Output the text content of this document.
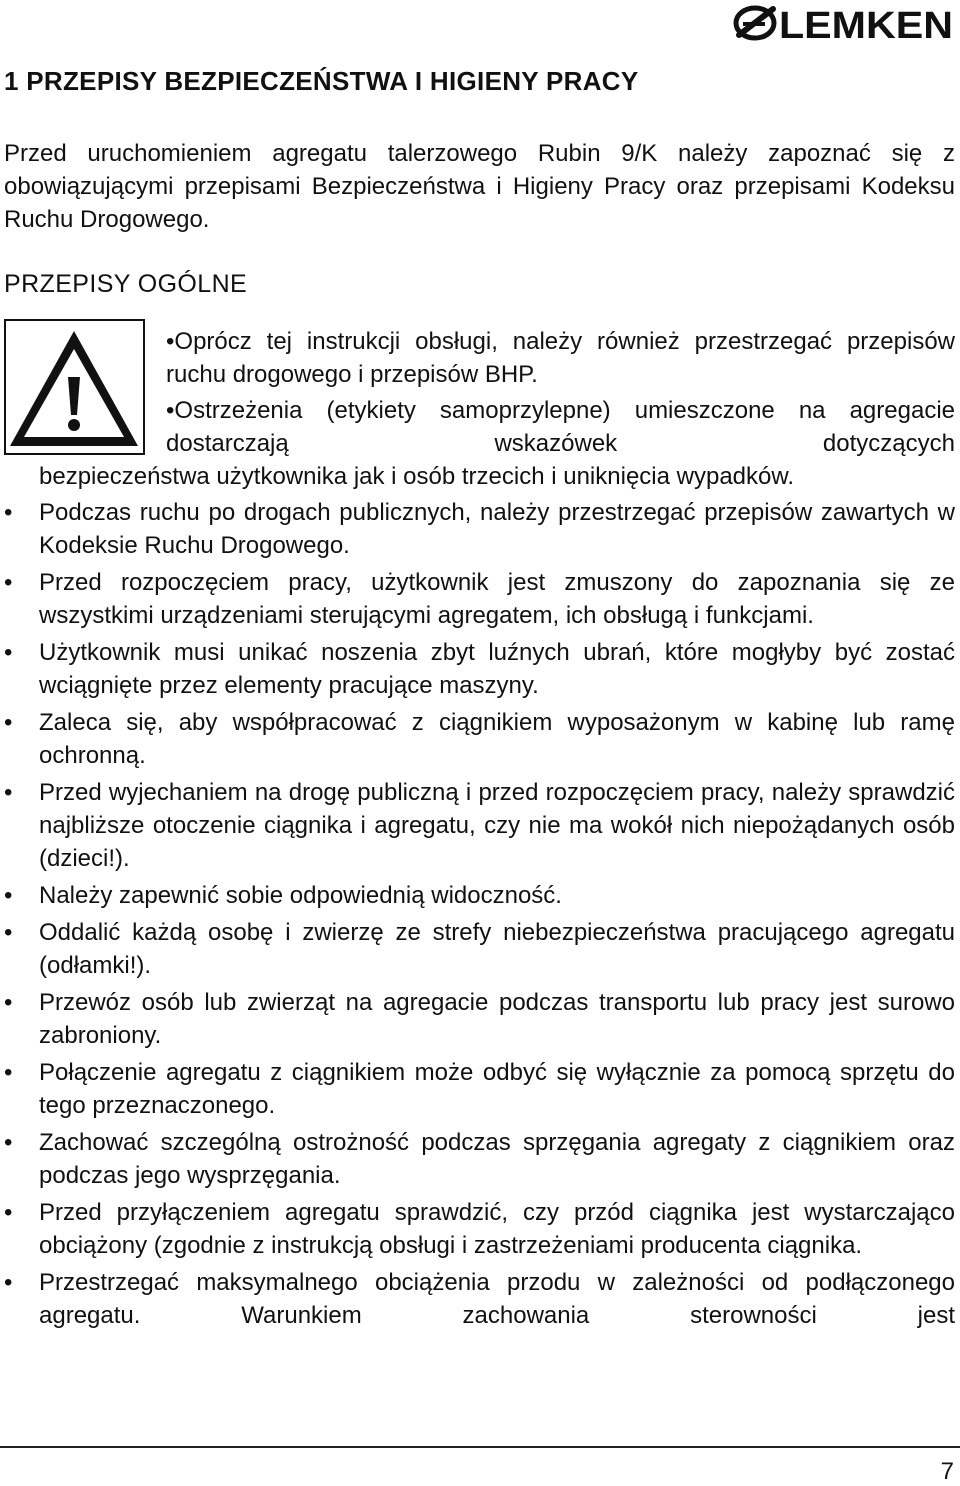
LEMKEN
1 PRZEPISY BEZPIECZEŃSTWA I HIGIENY PRACY

Przed uruchomieniem agregatu talerzowego Rubin 9/K należy zapoznać się z obowiązującymi przepisami Bezpieczeństwa i Higieny Pracy oraz przepisami Kodeksu Ruchu Drogowego.

PRZEPISY OGÓLNE

•Oprócz tej instrukcji obsługi, należy również przestrzegać przepisów ruchu drogowego i przepisów BHP.

•Ostrzeżenia (etykiety samoprzylepne) umieszczone na agregacie dostarczają wskazówek dotyczących

bezpieczeństwa użytkownika jak i osób trzecich i uniknięcia wypadków.

• Podczas ruchu po drogach publicznych, należy przestrzegać przepisów zawartych w Kodeksie Ruchu Drogowego.
• Przed rozpoczęciem pracy, użytkownik jest zmuszony do zapoznania się ze wszystkimi urządzeniami sterującymi agregatem, ich obsługą i funkcjami.
• Użytkownik musi unikać noszenia zbyt luźnych ubrań, które mogłyby być zostać wciągnięte przez elementy pracujące maszyny.
• Zaleca się, aby współpracować z ciągnikiem wyposażonym w kabinę lub ramę ochronną.
• Przed wyjechaniem na drogę publiczną i przed rozpoczęciem pracy, należy sprawdzić najbliższe otoczenie ciągnika i agregatu, czy nie ma wokół nich niepożądanych osób (dzieci!).
• Należy zapewnić sobie odpowiednią widoczność.
• Oddalić każdą osobę i zwierzę ze strefy niebezpieczeństwa pracującego agregatu (odłamki!).
• Przewóz osób lub zwierząt na agregacie podczas transportu lub pracy jest surowo zabroniony.
• Połączenie agregatu z ciągnikiem może odbyć się wyłącznie za pomocą sprzętu do tego przeznaczonego.
• Zachować szczególną ostrożność podczas sprzęgania agregaty z ciągnikiem oraz podczas jego wysprzęgania.
• Przed przyłączeniem agregatu sprawdzić, czy przód ciągnika jest wystarczająco obciążony (zgodnie z instrukcją obsługi i zastrzeżeniami producenta ciągnika.
• Przestrzegać maksymalnego obciążenia przodu w zależności od podłączonego agregatu. Warunkiem zachowania sterowności jest

7
